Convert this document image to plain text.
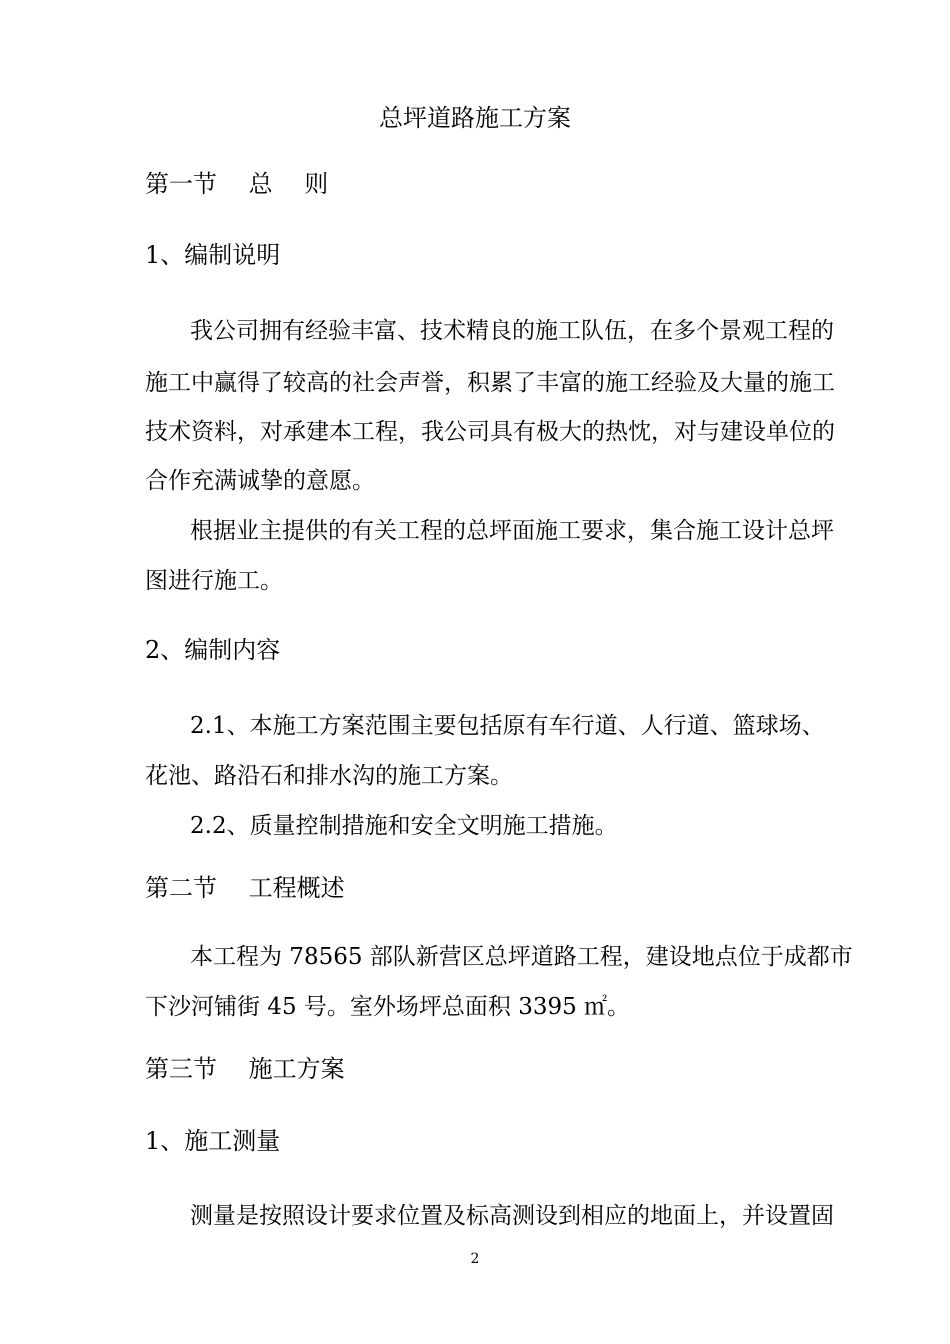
总坪道路施工方案
第一节　 总　 则
1、编制说明
我公司拥有经验丰富、技术精良的施工队伍，在多个景观工程的
施工中赢得了较高的社会声誉，积累了丰富的施工经验及大量的施工
技术资料，对承建本工程，我公司具有极大的热忱，对与建设单位的
合作充满诚挚的意愿。
根据业主提供的有关工程的总坪面施工要求，集合施工设计总坪
图进行施工。
2、编制内容
2.1、本施工方案范围主要包括原有车行道、人行道、篮球场、
花池、路沿石和排水沟的施工方案。
2.2、质量控制措施和安全文明施工措施。
第二节　 工程概述
本工程为 78565 部队新营区总坪道路工程，建设地点位于成都市
下沙河铺街 45 号。室外场坪总面积 3395 ㎡。
第三节　 施工方案
1、施工测量
测量是按照设计要求位置及标高测设到相应的地面上，并设置固
2
